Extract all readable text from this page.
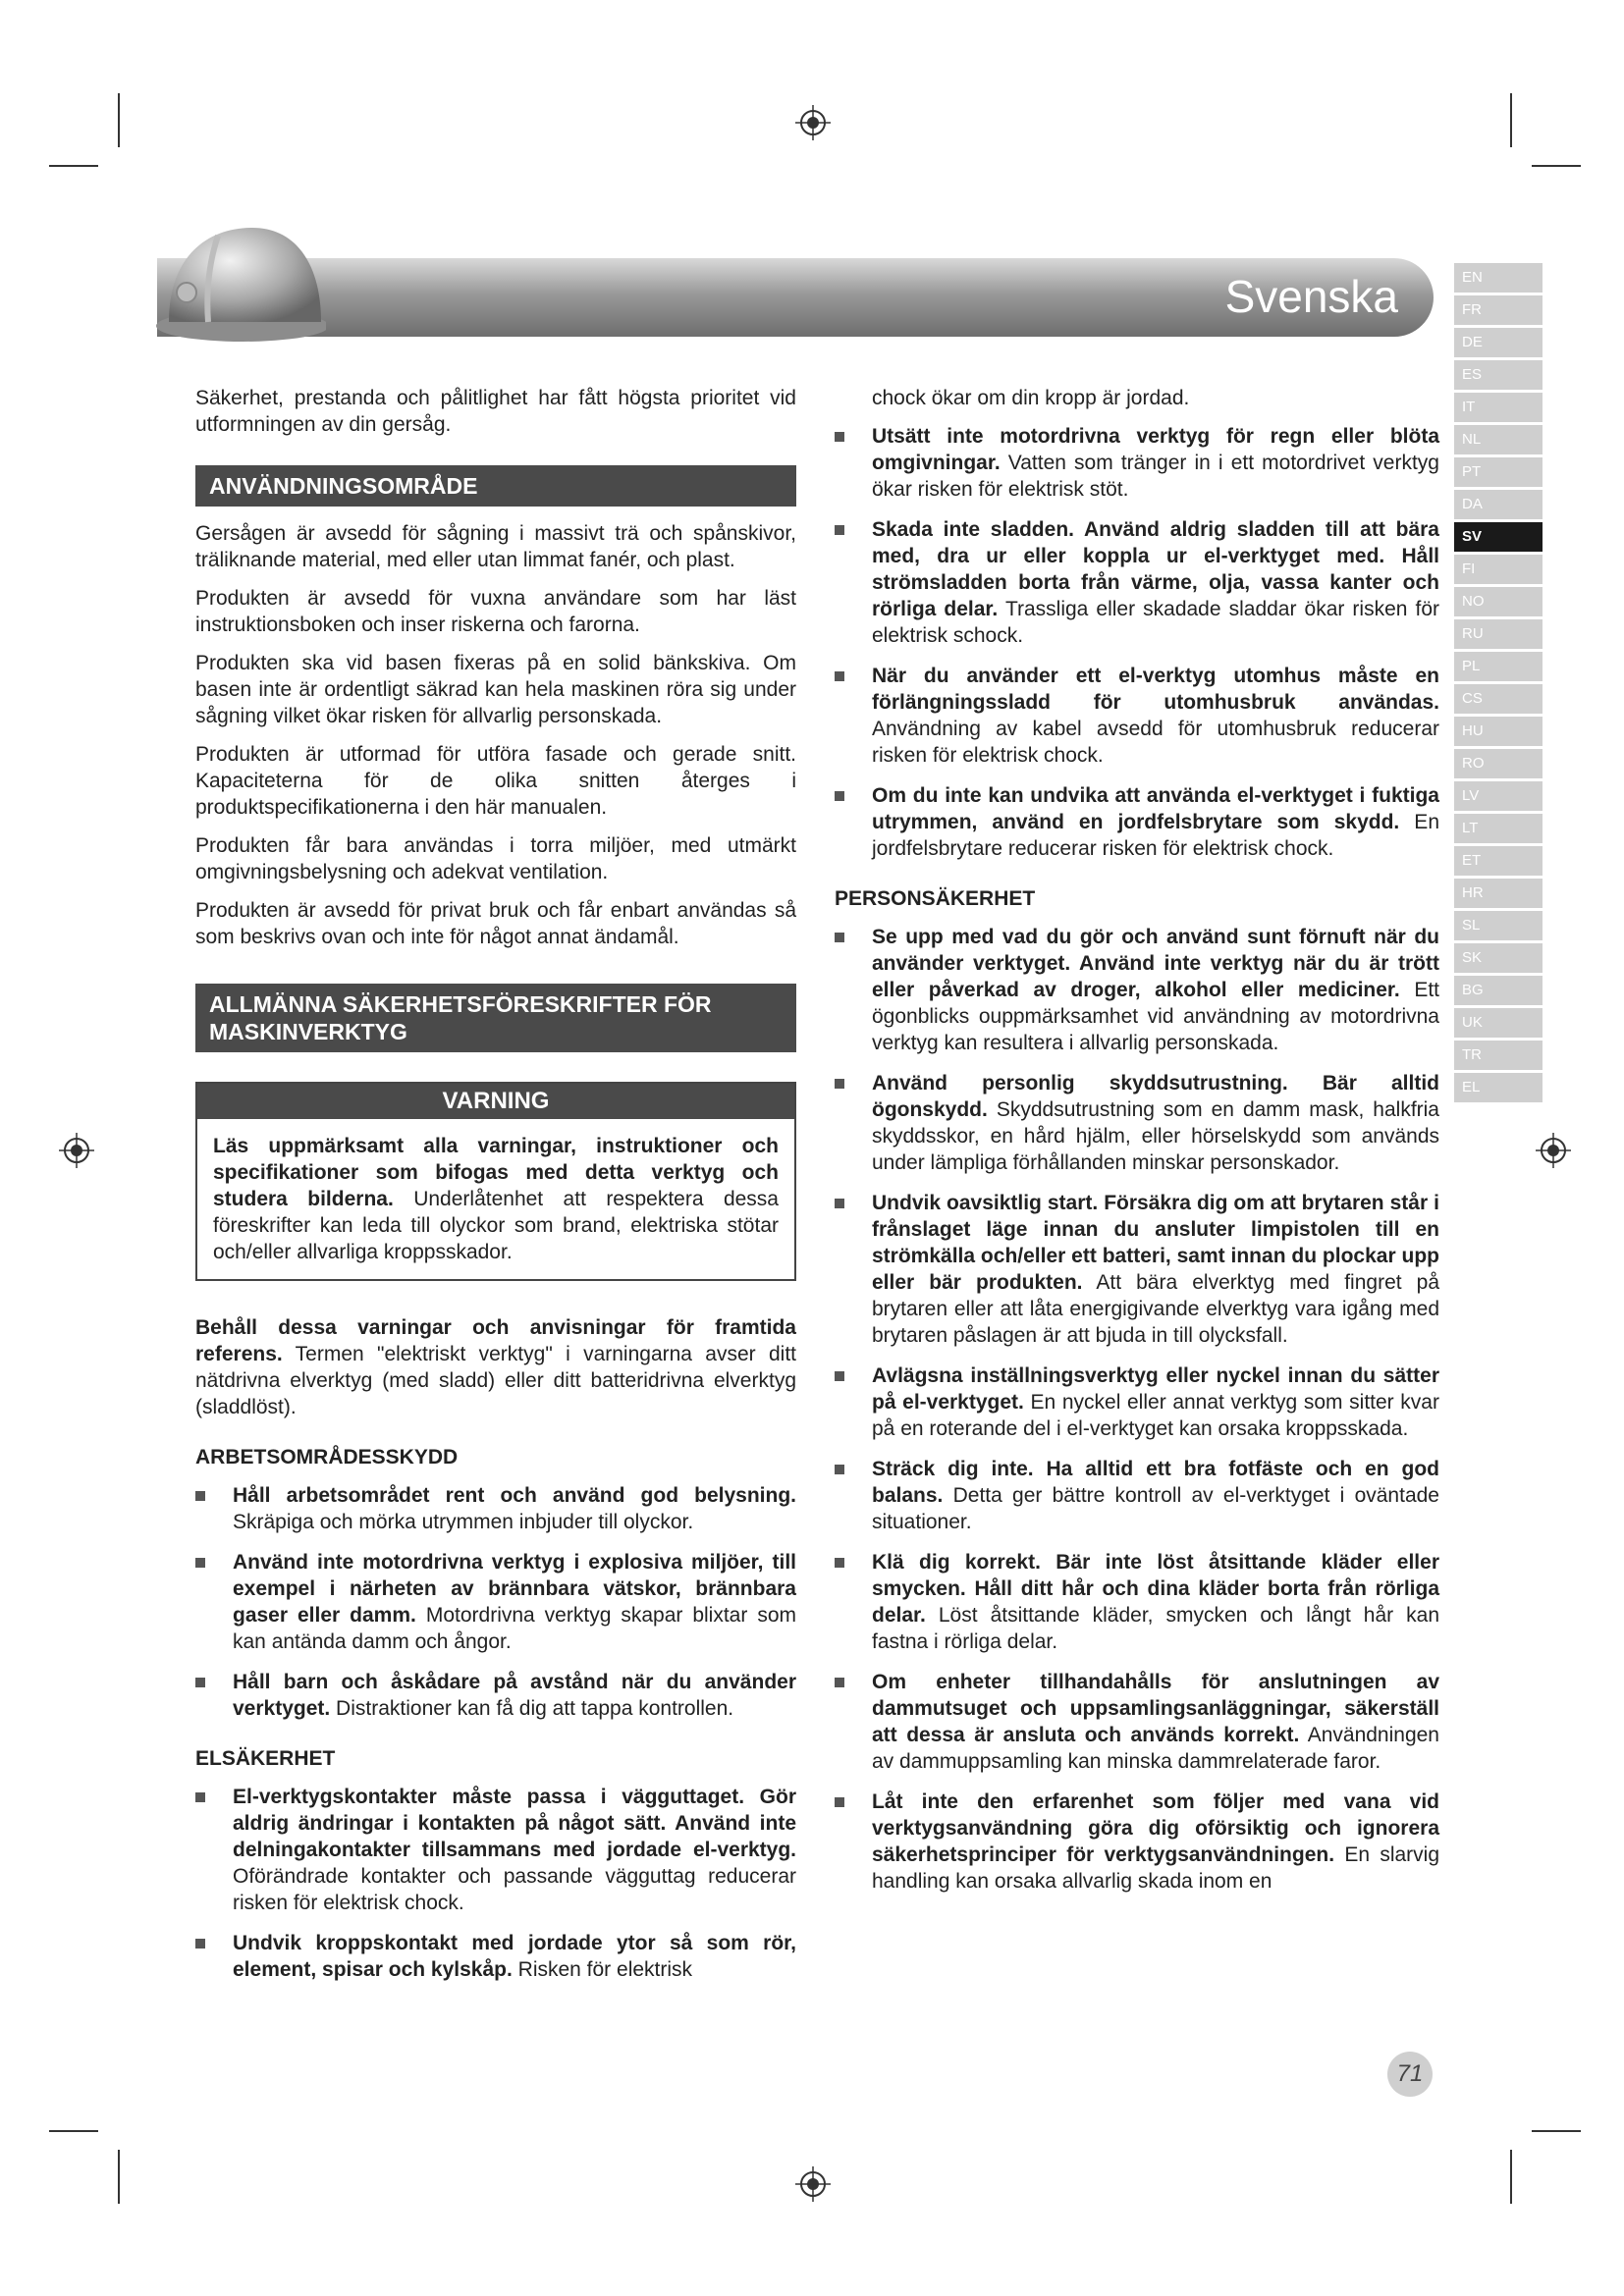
Svenska	EN
FR
DE
ES
IT
NL
PT
DA
SV
FI
NO
RU
PL
CS
HU
RO
LV
LT
ET
HR
SL
SK
BG
UK
TR
EL

Säkerhet, prestanda och pålitlighet har fått högsta prioritet vid utformningen av din gersåg.

ANVÄNDNINGSOMRÅDE

Gersågen är avsedd för sågning i massivt trä och spånskivor, träliknande material, med eller utan limmat fanér, och plast.

Produkten är avsedd för vuxna användare som har läst instruktionsboken och inser riskerna och farorna.

Produkten ska vid basen fixeras på en solid bänkskiva. Om basen inte är ordentligt säkrad kan hela maskinen röra sig under sågning vilket ökar risken för allvarlig personskada.

Produkten är utformad för utföra fasade och gerade snitt. Kapaciteterna för de olika snitten återges i produktspecifikationerna i den här manualen.

Produkten får bara användas i torra miljöer, med utmärkt omgivningsbelysning och adekvat ventilation.

Produkten är avsedd för privat bruk och får enbart användas så som beskrivs ovan och inte för något annat ändamål.

ALLMÄNNA SÄKERHETSFÖRESKRIFTER FÖR MASKINVERKTYG
VARNING
Läs uppmärksamt alla varningar, instruktioner och specifikationer som bifogas med detta verktyg och studera bilderna. Underlåtenhet att respektera dessa föreskrifter kan leda till olyckor som brand, elektriska stötar och/eller allvarliga kroppsskador.

Behåll dessa varningar och anvisningar för framtida referens. Termen "elektriskt verktyg" i varningarna avser ditt nätdrivna elverktyg (med sladd) eller ditt batteridrivna elverktyg (sladdlöst).

ARBETSOMRÅDESSKYDD
Håll arbetsområdet rent och använd god belysning. Skräpiga och mörka utrymmen inbjuder till olyckor.
Använd inte motordrivna verktyg i explosiva miljöer, till exempel i närheten av brännbara vätskor, brännbara gaser eller damm. Motordrivna verktyg skapar blixtar som kan antända damm och ångor.
Håll barn och åskådare på avstånd när du använder verktyget. Distraktioner kan få dig att tappa kontrollen.
ELSÄKERHET
El-verktygskontakter måste passa i vägguttaget. Gör aldrig ändringar i kontakten på något sätt. Använd inte delningakontakter tillsammans med jordade el-verktyg. Oförändrade kontakter och passande vägguttag reducerar risken för elektrisk chock.
Undvik kroppskontakt med jordade ytor så som rör, element, spisar och kylskåp. Risken för elektrisk

chock ökar om din kropp är jordad.

Utsätt inte motordrivna verktyg för regn eller blöta omgivningar. Vatten som tränger in i ett motordrivet verktyg ökar risken för elektrisk stöt.
Skada inte sladden. Använd aldrig sladden till att bära med, dra ur eller koppla ur el-verktyget med. Håll strömsladden borta från värme, olja, vassa kanter och rörliga delar. Trassliga eller skadade sladdar ökar risken för elektrisk schock.
När du använder ett el-verktyg utomhus måste en förlängningssladd för utomhusbruk användas. Användning av kabel avsedd för utomhusbruk reducerar risken för elektrisk chock.
Om du inte kan undvika att använda el-verktyget i fuktiga utrymmen, använd en jordfelsbrytare som skydd. En jordfelsbrytare reducerar risken för elektrisk chock.
PERSONSÄKERHET
Se upp med vad du gör och använd sunt förnuft när du använder verktyget. Använd inte verktyg när du är trött eller påverkad av droger, alkohol eller mediciner. Ett ögonblicks ouppmärksamhet vid användning av motordrivna verktyg kan resultera i allvarlig personskada.
Använd personlig skyddsutrustning. Bär alltid ögonskydd. Skyddsutrustning som en damm mask, halkfria skyddsskor, en hård hjälm, eller hörselskydd som används under lämpliga förhållanden minskar personskador.
Undvik oavsiktlig start. Försäkra dig om att brytaren står i frånslaget läge innan du ansluter limpistolen till en strömkälla och/eller ett batteri, samt innan du plockar upp eller bär produkten. Att bära elverktyg med fingret på brytaren eller att låta energigivande elverktyg vara igång med brytaren påslagen är att bjuda in till olycksfall.
Avlägsna inställningsverktyg eller nyckel innan du sätter på el-verktyget. En nyckel eller annat verktyg som sitter kvar på en roterande del i el-verktyget kan orsaka kroppsskada.
Sträck dig inte. Ha alltid ett bra fotfäste och en god balans. Detta ger bättre kontroll av el-verktyget i oväntade situationer.
Klä dig korrekt. Bär inte löst åtsittande kläder eller smycken. Håll ditt hår och dina kläder borta från rörliga delar. Löst åtsittande kläder, smycken och långt hår kan fastna i rörliga delar.
Om enheter tillhandahålls för anslutningen av dammutsuget och uppsamlingsanläggningar, säkerställ att dessa är ansluta och används korrekt. Användningen av dammuppsamling kan minska dammrelaterade faror.
Låt inte den erfarenhet som följer med vana vid verktygsanvändning göra dig oförsiktig och ignorera säkerhetsprinciper för verktygsanvändningen. En slarvig handling kan orsaka allvarlig skada inom en
71
